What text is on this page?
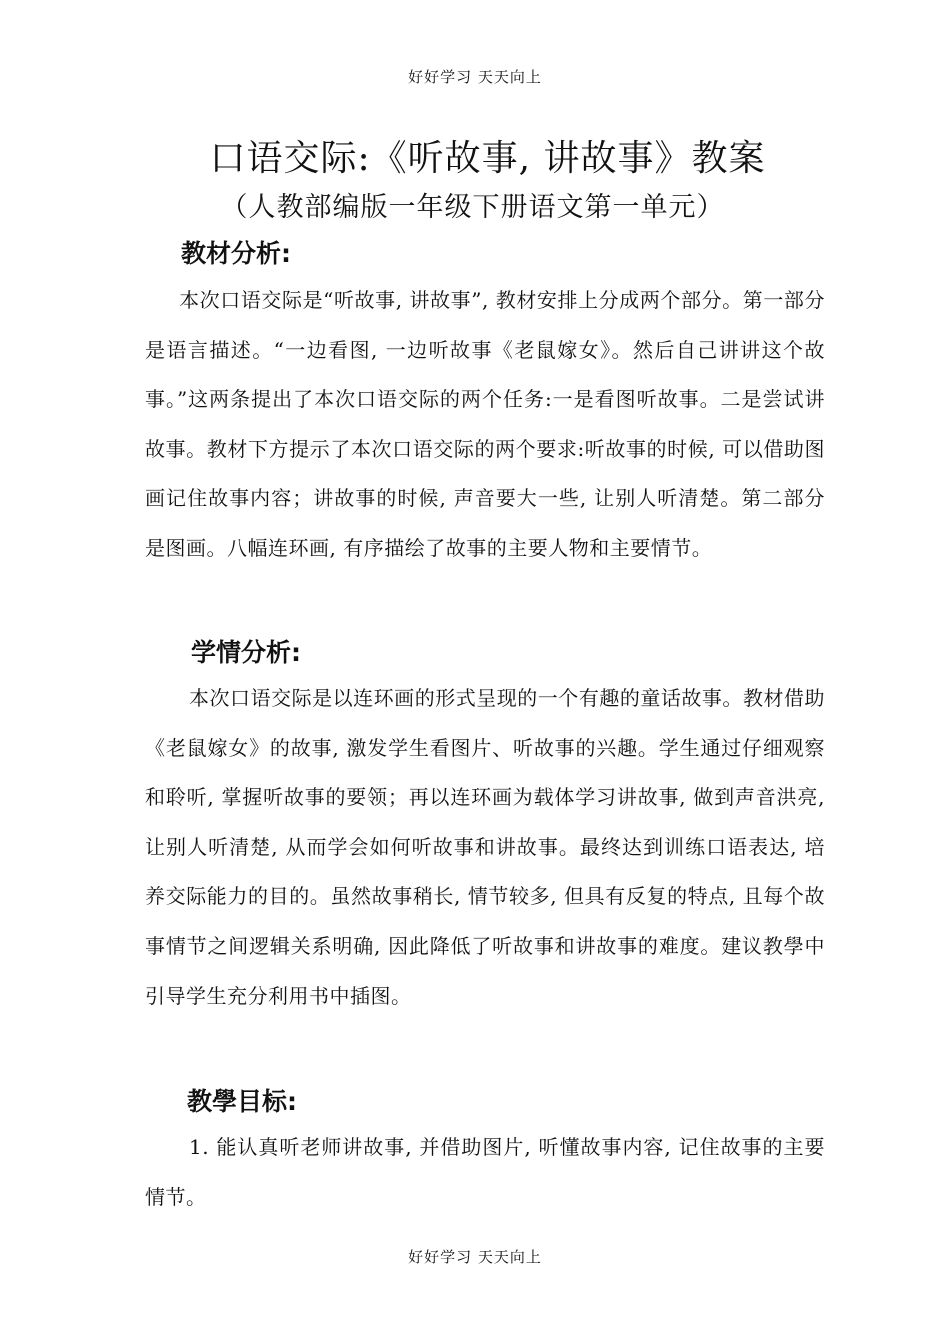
好好学习 天天向上
口语交际:《听故事, 讲故事》教案
（人教部编版一年级下册语文第一单元）
教材分析:
本次口语交际是“听故事, 讲故事”, 教材安排上分成两个部分。第一部分是语言描述。“一边看图, 一边听故事《老鼠嫁女》。然后自己讲讲这个故事。”这两条提出了本次口语交际的两个任务:一是看图听故事。二是尝试讲故事。教材下方提示了本次口语交际的两个要求:听故事的时候, 可以借助图画记住故事内容；讲故事的时候, 声音要大一些, 让别人听清楚。第二部分是图画。八幅连环画, 有序描绘了故事的主要人物和主要情节。
学情分析:
本次口语交际是以连环画的形式呈现的一个有趣的童话故事。教材借助《老鼠嫁女》的故事, 激发学生看图片、听故事的兴趣。学生通过仔细观察和聆听, 掌握听故事的要领；再以连环画为载体学习讲故事, 做到声音洪亮, 让别人听清楚, 从而学会如何听故事和讲故事。最终达到训练口语表达, 培养交际能力的目的。虽然故事稍长, 情节较多, 但具有反复的特点, 且每个故事情节之间逻辑关系明确, 因此降低了听故事和讲故事的难度。建议教學中引导学生充分利用书中插图。
教學目标:
1. 能认真听老师讲故事, 并借助图片, 听懂故事内容, 记住故事的主要情节。
好好学习 天天向上
